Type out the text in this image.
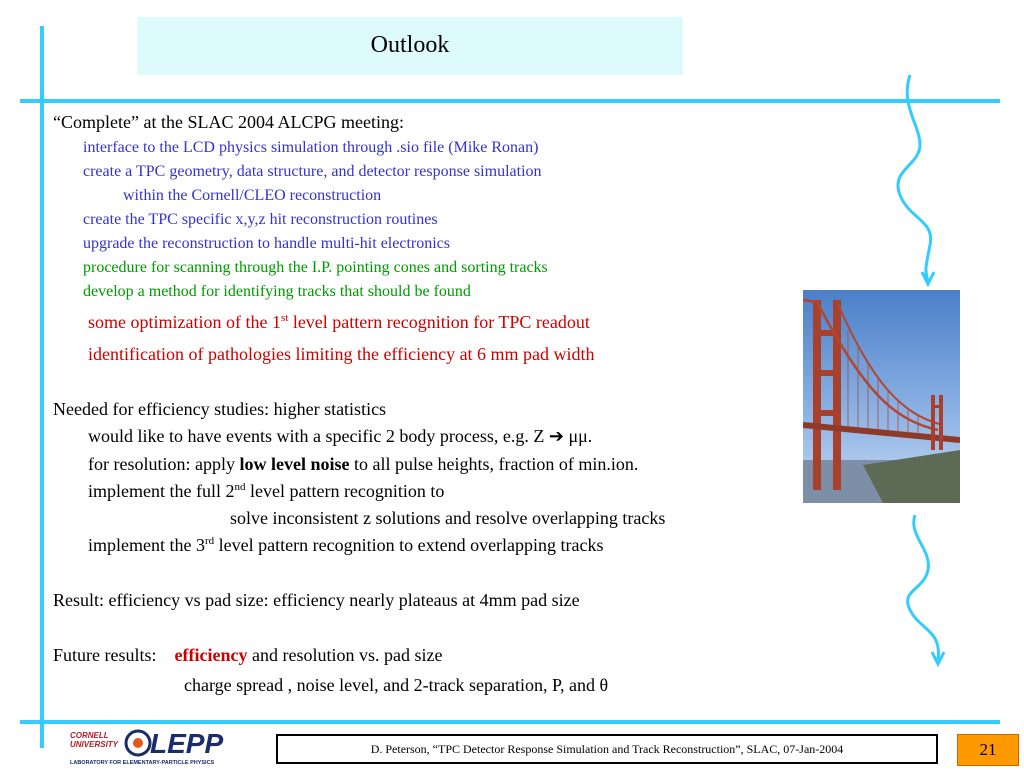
Outlook
“Complete” at the SLAC 2004 ALCPG meeting:
interface to the LCD physics simulation through .sio file (Mike Ronan)
create a TPC geometry, data structure, and detector response simulation
within the Cornell/CLEO reconstruction
create the TPC specific x,y,z hit reconstruction routines
upgrade the reconstruction to handle multi-hit electronics
procedure for scanning through the I.P. pointing cones and sorting tracks
develop a method for identifying tracks that should be found
some optimization of the 1st level pattern recognition for TPC readout
identification of pathologies limiting the efficiency at 6 mm pad width
Needed for efficiency studies: higher statistics
would like to have events with a specific 2 body process, e.g. Z ➔ μμ.
for resolution: apply low level noise to all pulse heights, fraction of min.ion.
implement the full 2nd level pattern recognition to
solve inconsistent z solutions and resolve overlapping tracks
implement the 3rd level pattern recognition to extend overlapping tracks
Result: efficiency vs pad size: efficiency nearly plateaus at 4mm pad size
Future results:    efficiency and resolution vs. pad size
charge spread , noise level, and 2-track separation, P, and θ
CORNELL
UNIVERSITY LEPP
LABORATORY FOR ELEMENTARY-PARTICLE PHYSICS
D. Peterson, “TPC Detector Response Simulation and Track Reconstruction”, SLAC, 07-Jan-2004	21
